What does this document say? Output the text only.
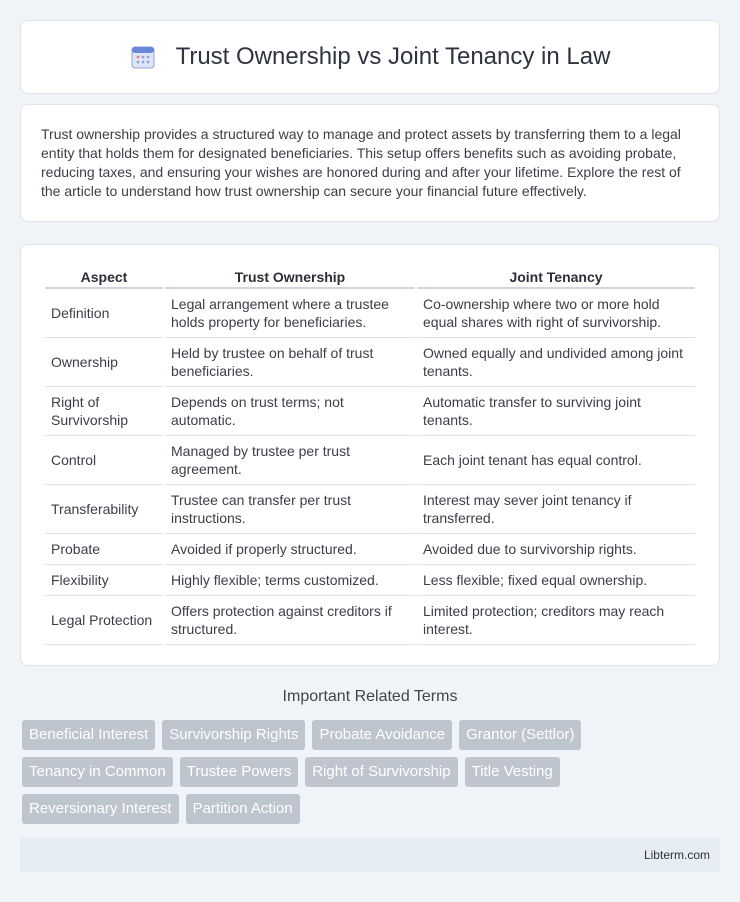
Trust Ownership vs Joint Tenancy in Law

Trust ownership provides a structured way to manage and protect assets by transferring them to a legal entity that holds them for designated beneficiaries. This setup offers benefits such as avoiding probate, reducing taxes, and ensuring your wishes are honored during and after your lifetime. Explore the rest of the article to understand how trust ownership can secure your financial future effectively.

Aspect	Trust Ownership	Joint Tenancy
Definition	Legal arrangement where a trustee holds property for beneficiaries.	Co-ownership where two or more hold equal shares with right of survivorship.
Ownership	Held by trustee on behalf of trust beneficiaries.	Owned equally and undivided among joint tenants.
Right of Survivorship	Depends on trust terms; not automatic.	Automatic transfer to surviving joint tenants.
Control	Managed by trustee per trust agreement.	Each joint tenant has equal control.
Transferability	Trustee can transfer per trust instructions.	Interest may sever joint tenancy if transferred.
Probate	Avoided if properly structured.	Avoided due to survivorship rights.
Flexibility	Highly flexible; terms customized.	Less flexible; fixed equal ownership.
Legal Protection	Offers protection against creditors if structured.	Limited protection; creditors may reach interest.
Important Related Terms
Beneficial Interest	Survivorship Rights	Probate Avoidance	Grantor (Settlor)
Tenancy in Common	Trustee Powers	Right of Survivorship	Title Vesting
Reversionary Interest	Partition Action
Libterm.com
